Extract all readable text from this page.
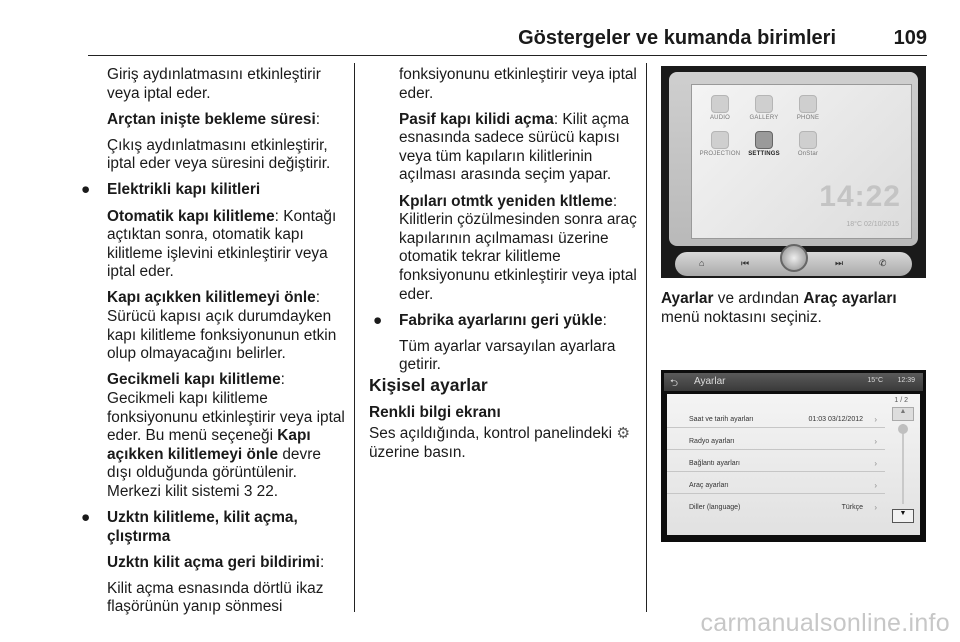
Göstergeler ve kumanda birimleri	109

Giriş aydınlatmasını etkinleştirir veya iptal eder.

Arçtan inişte bekleme süresi:

Çıkış aydınlatmasını etkinleştirir, iptal eder veya süresini değiştirir.

● Elektrikli kapı kilitleri

Otomatik kapı kilitleme: Kontağı açtıktan sonra, otomatik kapı kilitleme işlevini etkinleştirir veya iptal eder.

Kapı açıkken kilitlemeyi önle: Sürücü kapısı açık durumdayken kapı kilitleme fonksiyonunun etkin olup olmayacağını belirler.

Gecikmeli kapı kilitleme: Gecikmeli kapı kilitleme fonksiyonunu etkinleştirir veya iptal eder. Bu menü seçeneği Kapı açıkken kilitlemeyi önle devre dışı olduğunda görüntülenir. Merkezi kilit sistemi 3 22.

● Uzktn kilitleme, kilit açma, çlıştırma

Uzktn kilit açma geri bildirimi:

Kilit açma esnasında dörtlü ikaz flaşörünün yanıp sönmesi

fonksiyonunu etkinleştirir veya iptal eder.

Pasif kapı kilidi açma: Kilit açma esnasında sadece sürücü kapısı veya tüm kapıların kilitlerinin açılması arasında seçim yapar.

Kpıları otmtk yeniden kltleme: Kilitlerin çözülmesinden sonra araç kapılarının açılmaması üzerine otomatik tekrar kilitleme fonksiyonunu etkinleştirir veya iptal eder.

● Fabrika ayarlarını geri yükle:

Tüm ayarlar varsayılan ayarlara getirir.

Kişisel ayarlar

Renkli bilgi ekranı

Ses açıldığında, kontrol panelindeki ⚙ üzerine basın.

AUDIO	GALLERY	PHONE
PROJECTION	SETTINGS	OnStar
14:22
18°C 02/10/2015
⌂	⏮	⏭	✆
Ayarlar ve ardından Araç ayarları menü noktasını seçiniz.
⮌ Ayarlar	15°C 12:39
Saat ve tarih ayarları	01:03 03/12/2012 ›
Radyo ayarları	›
Bağlantı ayarları	›
Araç ayarları	›
Diller (language)	Türkçe ›
1 / 2
▲
▼
carmanualsonline.info
